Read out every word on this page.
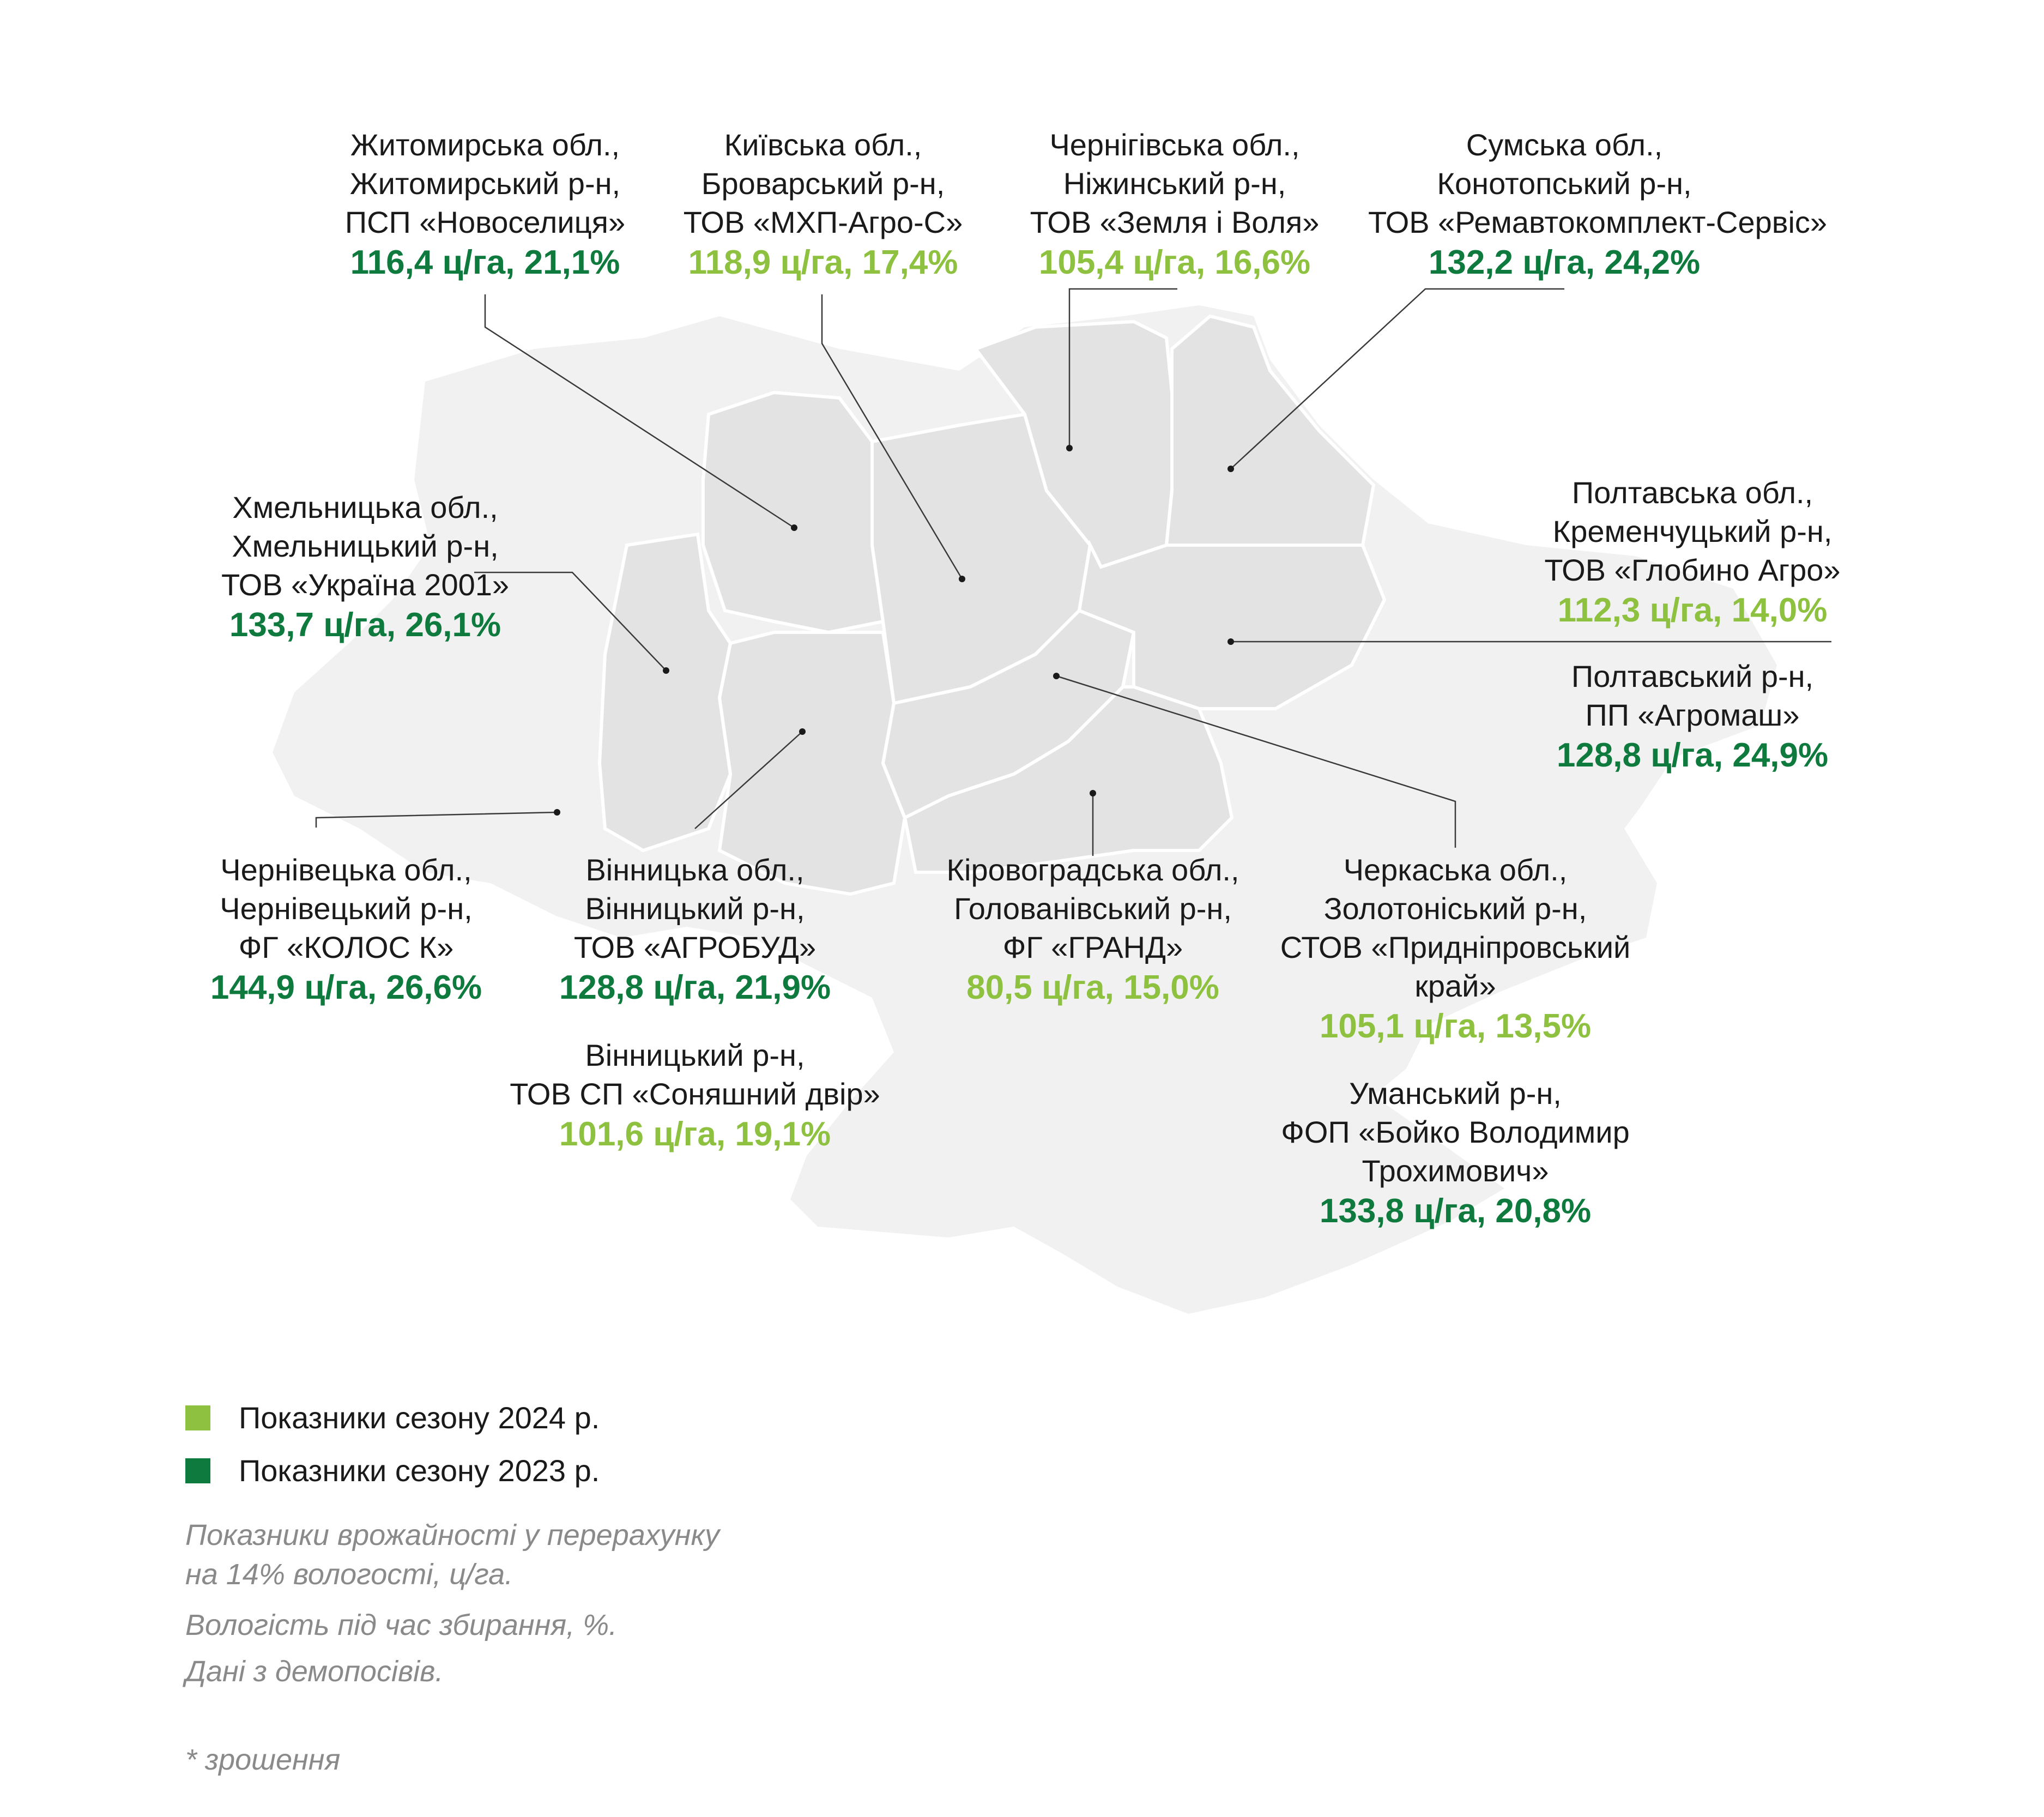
Житомирська обл.,
Житомирський р-н,
ПСП «Новоселиця»
116,4 ц/га, 21,1%
Київська обл.,
Броварський р-н,
ТОВ «МХП-Агро-С»
118,9 ц/га, 17,4%
Чернігівська обл.,
Ніжинський р-н,
ТОВ «Земля і Воля»
105,4 ц/га, 16,6%
Сумська обл.,
Конотопський р-н,
ТОВ «Ремавтокомплект-Сервіс»
132,2 ц/га, 24,2%
Хмельницька обл.,
Хмельницький р-н,
ТОВ «Україна 2001»
133,7 ц/га, 26,1%
Полтавська обл.,
Кременчуцький р-н,
ТОВ «Глобино Агро»
112,3 ц/га, 14,0%
Полтавський р-н,
ПП «Агромаш»
128,8 ц/га, 24,9%
Чернівецька обл.,
Чернівецький р-н,
ФГ «КОЛОС К»
144,9 ц/га, 26,6%
Вінницька обл.,
Вінницький р-н,
ТОВ «АГРОБУД»
128,8 ц/га, 21,9%
Вінницький р-н,
ТОВ СП «Соняшний двір»
101,6 ц/га, 19,1%
Кіровоградська обл.,
Голованівський р-н,
ФГ «ГРАНД»
80,5 ц/га, 15,0%
Черкаська обл.,
Золотоніський р-н,
СТОВ «Придніпровський
край»
105,1 ц/га, 13,5%
Уманський р-н,
ФОП «Бойко Володимир
Трохимович»
133,8 ц/га, 20,8%
Показники сезону 2024 р.
Показники сезону 2023 р.
Показники врожайності у перерахунку
на 14% вологості, ц/га.
Вологість під час збирання, %.
Дані з демопосівів.
* зрошення
